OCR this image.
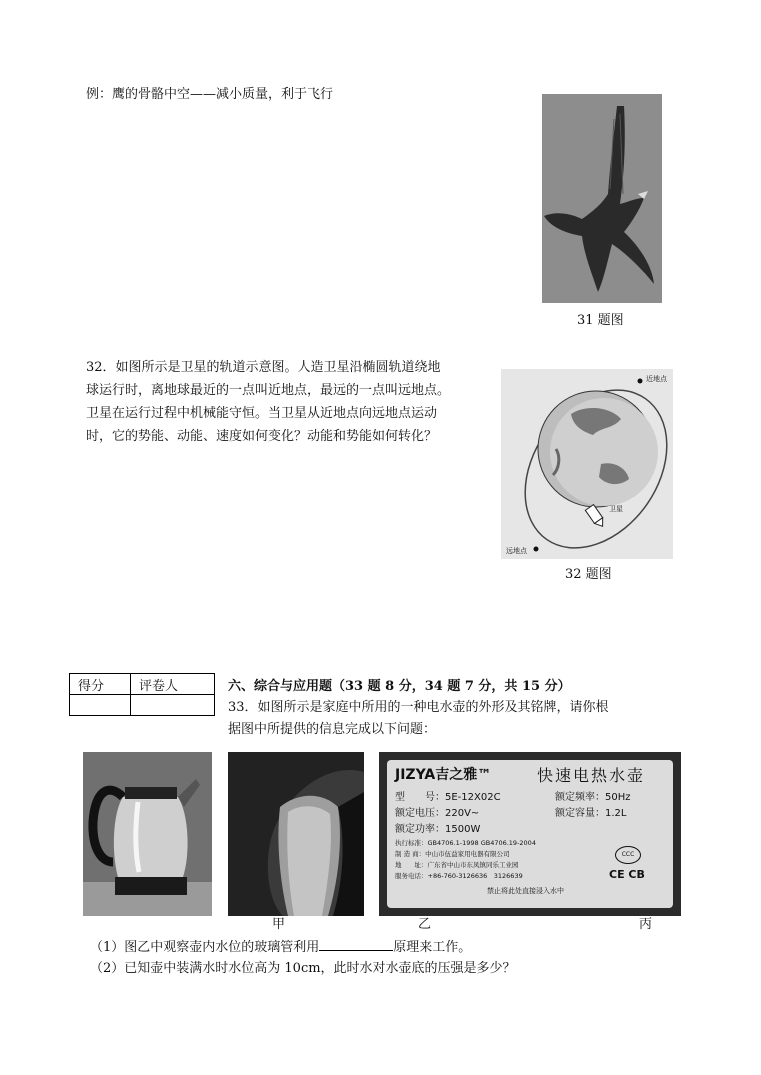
例：鹰的骨骼中空——减小质量，利于飞行
31 题图
32．如图所示是卫星的轨道示意图。人造卫星沿椭圆轨道绕地
球运行时，离地球最近的一点叫近地点，最远的一点叫远地点。
卫星在运行过程中机械能守恒。当卫星从近地点向远地点运动
时，它的势能、动能、速度如何变化？动能和势能如何转化？
近地点
远地点
卫星
32 题图
得分	评卷人
		六、综合与应用题（33 题 8 分，34 题 7 分，共 15 分）
33．如图所示是家庭中所用的一种电水壶的外形及其铭牌，请你根
据图中所提供的信息完成以下问题：
JIZYA吉之雅™	快速电热水壶
型　　号：5E-12X02C	额定频率：50Hz
额定电压：220V~	额定容量：1.2L
额定功率：1500W
执行标准：GB4706.1-1998 GB4706.19-2004
制 造 商：中山市伍益家用电器有限公司
地　　址：广东省中山市东凤镇同乐工业园
服务电话：+86-760-3126636　3126639
禁止将此处直接浸入水中
CCC
CE CB
甲	乙	丙
（1）图乙中观察壶内水位的玻璃管利用	原理来工作。
（2）已知壶中装满水时水位高为 10cm，此时水对水壶底的压强是多少？
